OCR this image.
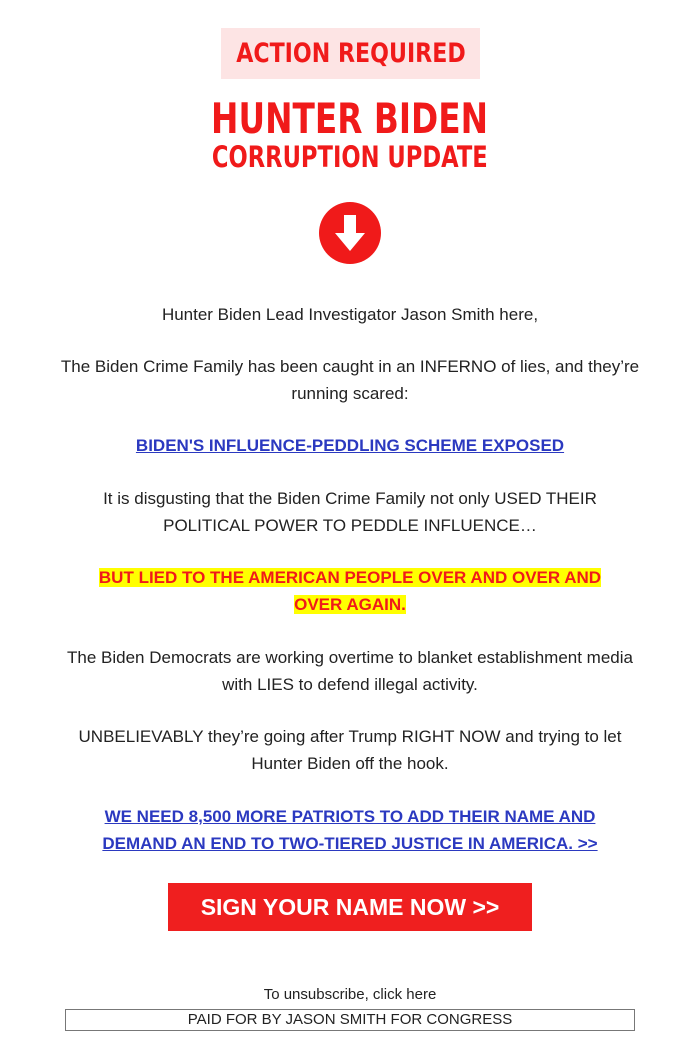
ACTION REQUIRED
HUNTER BIDEN
CORRUPTION UPDATE
Hunter Biden Lead Investigator Jason Smith here,
The Biden Crime Family has been caught in an INFERNO of lies, and they’re running scared:
BIDEN'S INFLUENCE-PEDDLING SCHEME EXPOSED
It is disgusting that the Biden Crime Family not only USED THEIR POLITICAL POWER TO PEDDLE INFLUENCE…
BUT LIED TO THE AMERICAN PEOPLE OVER AND OVER AND
OVER AGAIN.
The Biden Democrats are working overtime to blanket establishment media with LIES to defend illegal activity.
UNBELIEVABLY they’re going after Trump RIGHT NOW and trying to let Hunter Biden off the hook.
WE NEED 8,500 MORE PATRIOTS TO ADD THEIR NAME AND DEMAND AN END TO TWO-TIERED JUSTICE IN AMERICA. >>
SIGN YOUR NAME NOW >>
To unsubscribe, click here
PAID FOR BY JASON SMITH FOR CONGRESS
